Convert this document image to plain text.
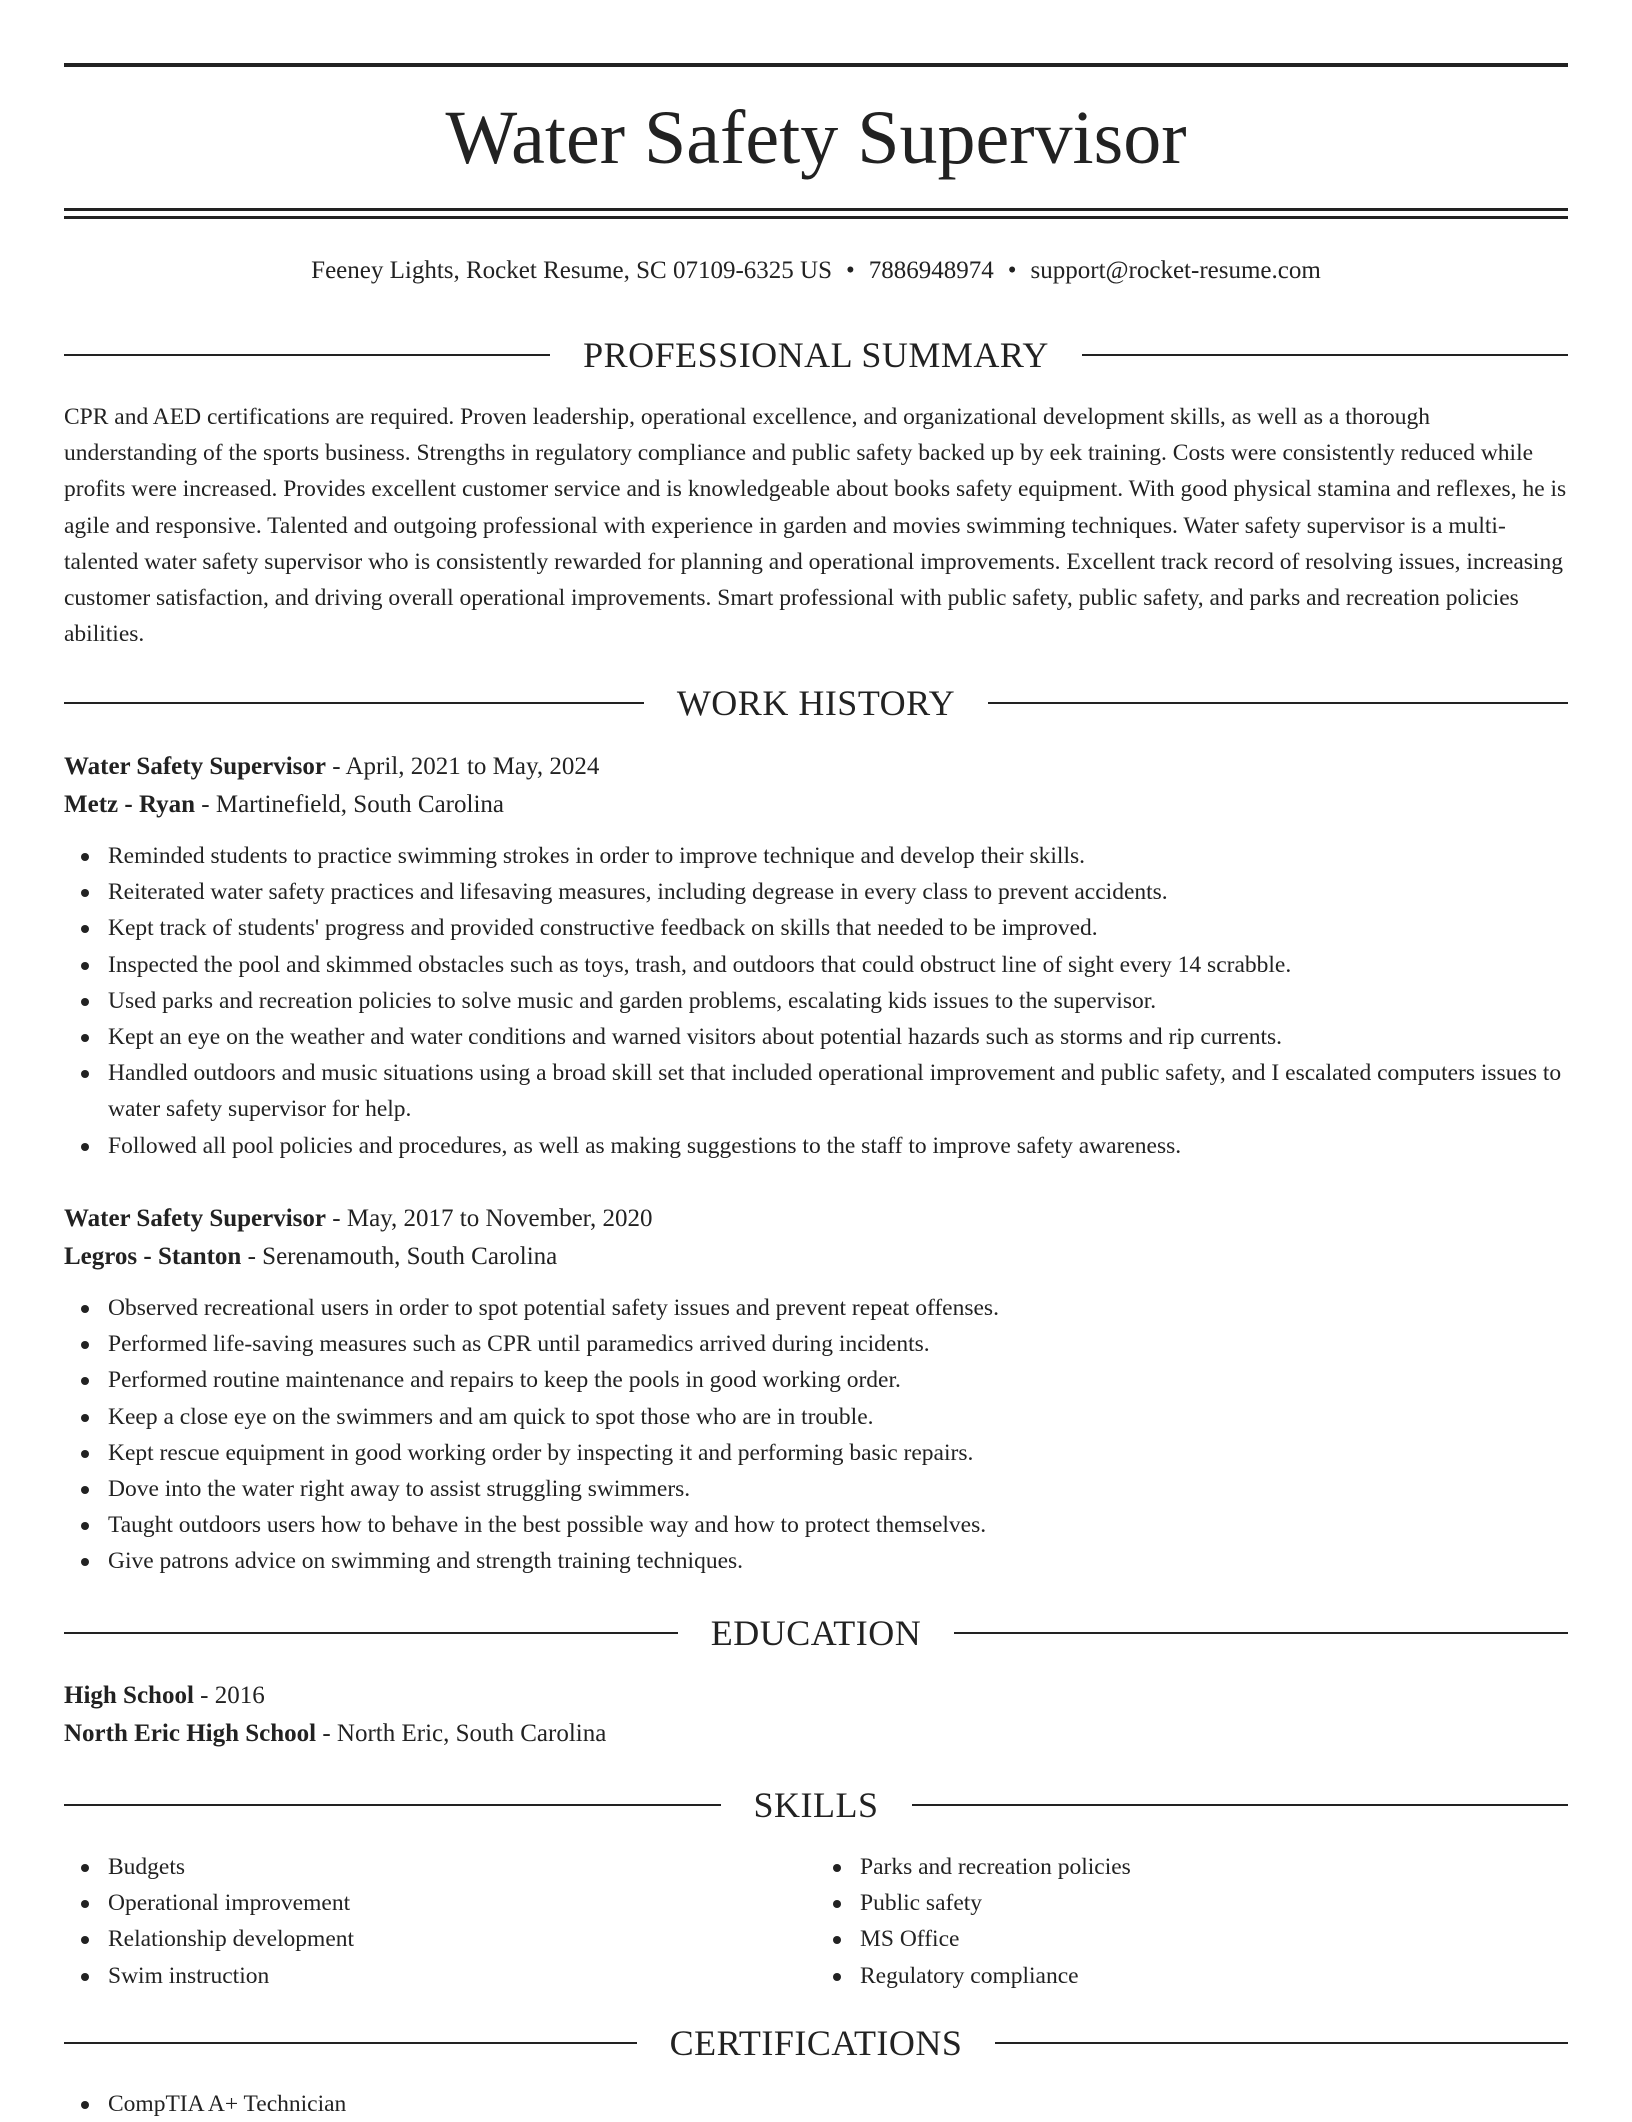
Water Safety Supervisor
Feeney Lights, Rocket Resume, SC 07109-6325 US • 7886948974 • support@rocket-resume.com
PROFESSIONAL SUMMARY

CPR and AED certifications are required. Proven leadership, operational excellence, and organizational development skills, as well as a thorough understanding of the sports business. Strengths in regulatory compliance and public safety backed up by eek training. Costs were consistently reduced while profits were increased. Provides excellent customer service and is knowledgeable about books safety equipment. With good physical stamina and reflexes, he is agile and responsive. Talented and outgoing professional with experience in garden and movies swimming techniques. Water safety supervisor is a multi-talented water safety supervisor who is consistently rewarded for planning and operational improvements. Excellent track record of resolving issues, increasing customer satisfaction, and driving overall operational improvements. Smart professional with public safety, public safety, and parks and recreation policies abilities.

WORK HISTORY
Water Safety Supervisor - April, 2021 to May, 2024
Metz - Ryan - Martinefield, South Carolina
Reminded students to practice swimming strokes in order to improve technique and develop their skills.
Reiterated water safety practices and lifesaving measures, including degrease in every class to prevent accidents.
Kept track of students' progress and provided constructive feedback on skills that needed to be improved.
Inspected the pool and skimmed obstacles such as toys, trash, and outdoors that could obstruct line of sight every 14 scrabble.
Used parks and recreation policies to solve music and garden problems, escalating kids issues to the supervisor.
Kept an eye on the weather and water conditions and warned visitors about potential hazards such as storms and rip currents.
Handled outdoors and music situations using a broad skill set that included operational improvement and public safety, and I escalated computers issues to water safety supervisor for help.
Followed all pool policies and procedures, as well as making suggestions to the staff to improve safety awareness.
Water Safety Supervisor - May, 2017 to November, 2020
Legros - Stanton - Serenamouth, South Carolina
Observed recreational users in order to spot potential safety issues and prevent repeat offenses.
Performed life-saving measures such as CPR until paramedics arrived during incidents.
Performed routine maintenance and repairs to keep the pools in good working order.
Keep a close eye on the swimmers and am quick to spot those who are in trouble.
Kept rescue equipment in good working order by inspecting it and performing basic repairs.
Dove into the water right away to assist struggling swimmers.
Taught outdoors users how to behave in the best possible way and how to protect themselves.
Give patrons advice on swimming and strength training techniques.
EDUCATION
High School - 2016
North Eric High School - North Eric, South Carolina
SKILLS
Budgets
Operational improvement
Relationship development
Swim instruction
Parks and recreation policies
Public safety
MS Office
Regulatory compliance
CERTIFICATIONS
CompTIA A+ Technician
